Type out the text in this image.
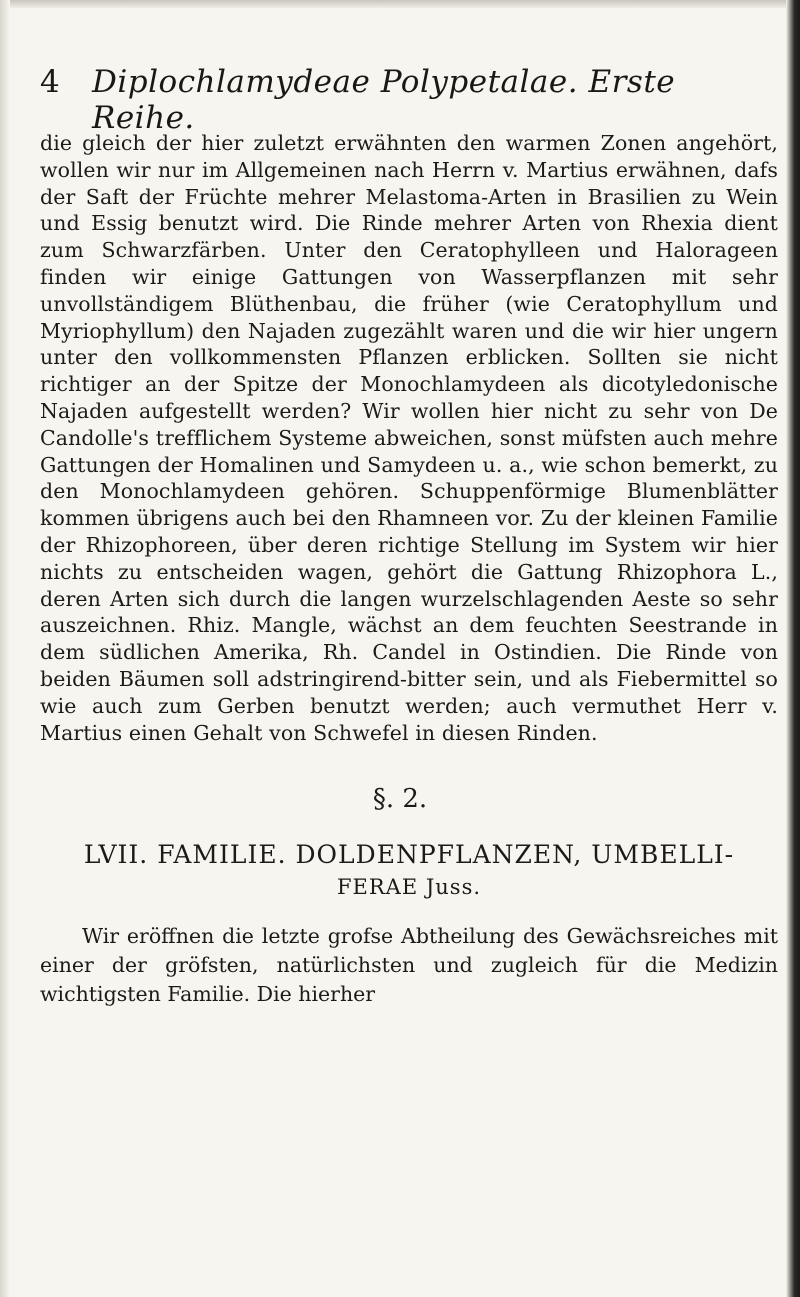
4 Diplochlamydeae Polypetalae. Erste Reihe.

die gleich der hier zuletzt erwähnten den warmen Zonen angehört, wollen wir nur im Allgemeinen nach Herrn v. Martius erwähnen, dafs der Saft der Früchte mehrer Melastoma-Arten in Brasilien zu Wein und Essig benutzt wird. Die Rinde mehrer Arten von Rhexia dient zum Schwarzfärben. Unter den Ceratophylleen und Halorageen finden wir einige Gattungen von Wasserpflanzen mit sehr unvollständigem Blüthenbau, die früher (wie Ceratophyllum und Myriophyllum) den Najaden zugezählt waren und die wir hier ungern unter den vollkommensten Pflanzen erblicken. Sollten sie nicht richtiger an der Spitze der Monochlamydeen als dicotyledonische Najaden aufgestellt werden? Wir wollen hier nicht zu sehr von De Candolle's trefflichem Systeme abweichen, sonst müfsten auch mehre Gattungen der Homalinen und Samydeen u. a., wie schon bemerkt, zu den Monochlamydeen gehören. Schuppenförmige Blumenblätter kommen übrigens auch bei den Rhamneen vor. Zu der kleinen Familie der Rhizophoreen, über deren richtige Stellung im System wir hier nichts zu entscheiden wagen, gehört die Gattung Rhizophora L., deren Arten sich durch die langen wurzelschlagenden Aeste so sehr auszeichnen. Rhiz. Mangle, wächst an dem feuchten Seestrande in dem südlichen Amerika, Rh. Candel in Ostindien. Die Rinde von beiden Bäumen soll adstringirend-bitter sein, und als Fiebermittel so wie auch zum Gerben benutzt werden; auch vermuthet Herr v. Martius einen Gehalt von Schwefel in diesen Rinden.

§. 2.
LVII. FAMILIE. DOLDENPFLANZEN, UMBELLI-
FERAE Juss.

Wir eröffnen die letzte grofse Abtheilung des Gewächsreiches mit einer der gröfsten, natürlichsten und zugleich für die Medizin wichtigsten Familie. Die hierher
